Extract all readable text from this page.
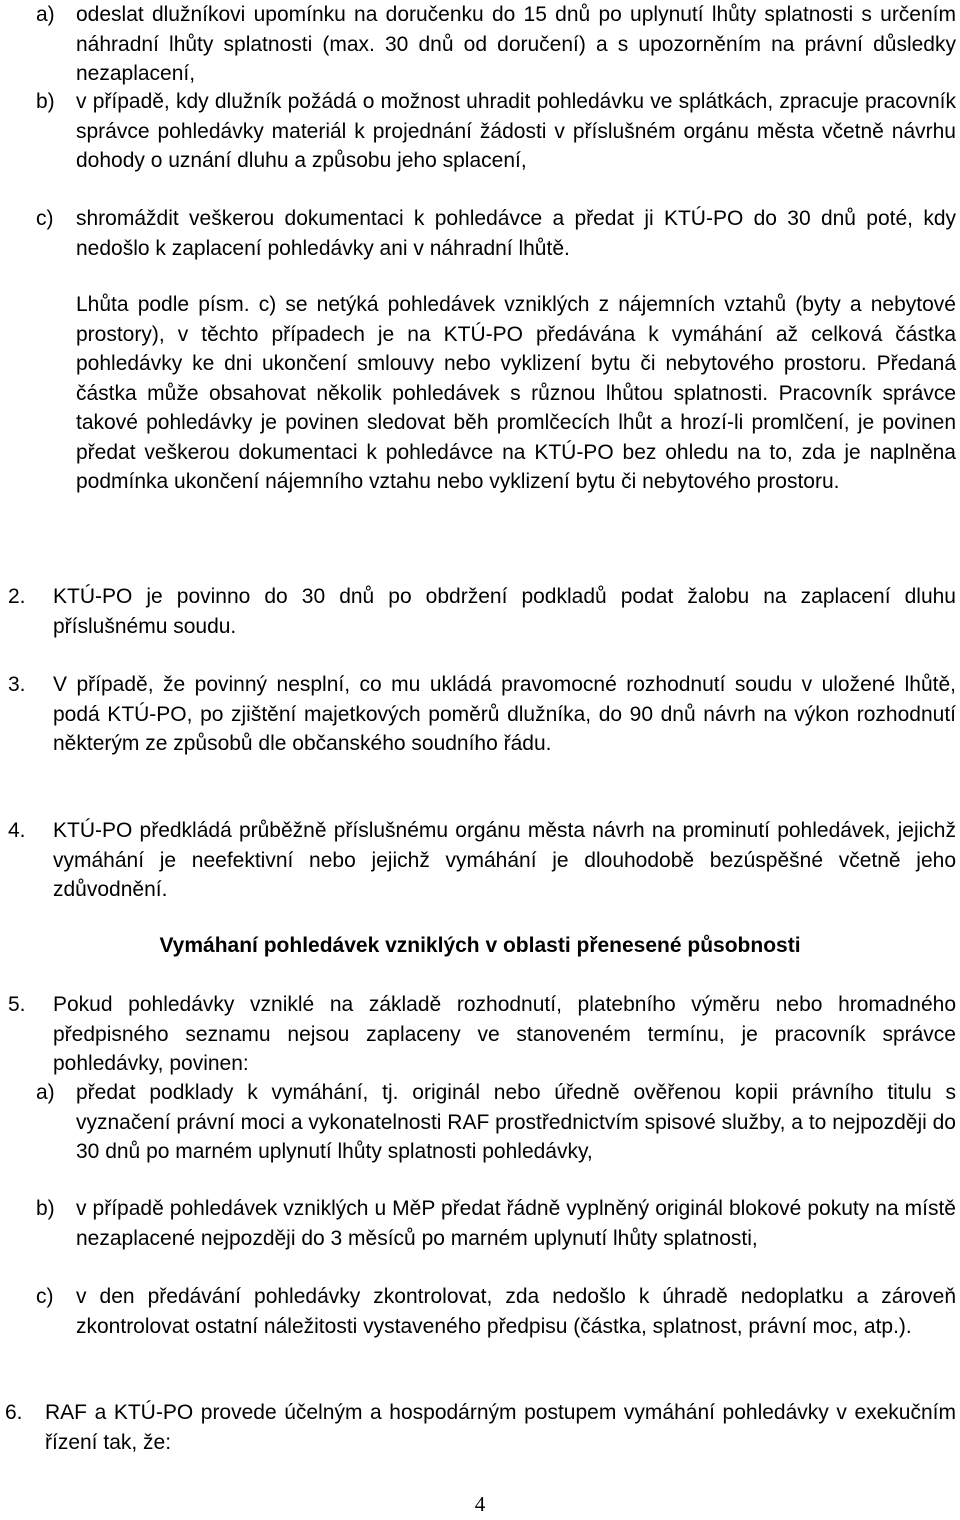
a)	odeslat dlužníkovi upomínku na doručenku do 15 dnů po uplynutí lhůty splatnosti s určením náhradní lhůty splatnosti (max. 30 dnů od doručení) a s upozorněním na právní důsledky nezaplacení,
b)	v případě, kdy dlužník požádá o možnost uhradit pohledávku ve splátkách, zpracuje pracovník správce pohledávky materiál k projednání žádosti v příslušném orgánu města včetně návrhu dohody o uznání dluhu a způsobu jeho splacení,
c)	shromáždit veškerou dokumentaci k pohledávce a předat ji KTÚ-PO do 30 dnů poté, kdy nedošlo k zaplacení pohledávky ani v náhradní lhůtě.

Lhůta podle písm. c) se netýká pohledávek vzniklých z nájemních vztahů (byty a nebytové prostory), v těchto případech je na KTÚ-PO předávána k vymáhání až celková částka pohledávky ke dni ukončení smlouvy nebo vyklizení bytu či nebytového prostoru. Předaná částka může obsahovat několik pohledávek s různou lhůtou splatnosti. Pracovník správce takové pohledávky je povinen sledovat běh promlčecích lhůt a hrozí-li promlčení, je povinen předat veškerou dokumentaci k pohledávce na KTÚ-PO bez ohledu na to, zda je naplněna podmínka ukončení nájemního vztahu nebo vyklizení bytu či nebytového prostoru.

2.	KTÚ-PO je povinno do 30 dnů po obdržení podkladů podat žalobu na zaplacení dluhu příslušnému soudu.
3.	V případě, že povinný nesplní, co mu ukládá pravomocné rozhodnutí soudu v uložené lhůtě, podá KTÚ-PO, po zjištění majetkových poměrů dlužníka, do 90 dnů návrh na výkon rozhodnutí některým ze způsobů dle občanského soudního řádu.
4.	KTÚ-PO předkládá průběžně příslušnému orgánu města návrh na prominutí pohledávek, jejichž vymáhání je neefektivní nebo jejichž vymáhání je dlouhodobě bezúspěšné včetně jeho zdůvodnění.
Vymáhaní pohledávek vzniklých v oblasti přenesené působnosti
5.	Pokud pohledávky vzniklé na základě rozhodnutí, platebního výměru nebo hromadného předpisného seznamu nejsou zaplaceny ve stanoveném termínu, je pracovník správce pohledávky, povinen:
a)	předat podklady k vymáhání, tj. originál nebo úředně ověřenou kopii právního titulu s vyznačení právní moci a vykonatelnosti RAF prostřednictvím spisové služby, a to nejpozději do 30 dnů po marném uplynutí lhůty splatnosti pohledávky,
b)	v případě pohledávek vzniklých u MěP předat řádně vyplněný originál blokové pokuty na místě nezaplacené nejpozději do 3 měsíců po marném uplynutí lhůty splatnosti,
c)	v den předávání pohledávky zkontrolovat, zda nedošlo k úhradě nedoplatku a zároveň zkontrolovat ostatní náležitosti vystaveného předpisu (částka, splatnost, právní moc, atp.).
6.	RAF a KTÚ-PO provede účelným a hospodárným postupem vymáhání pohledávky v exekučním řízení tak, že:
4
